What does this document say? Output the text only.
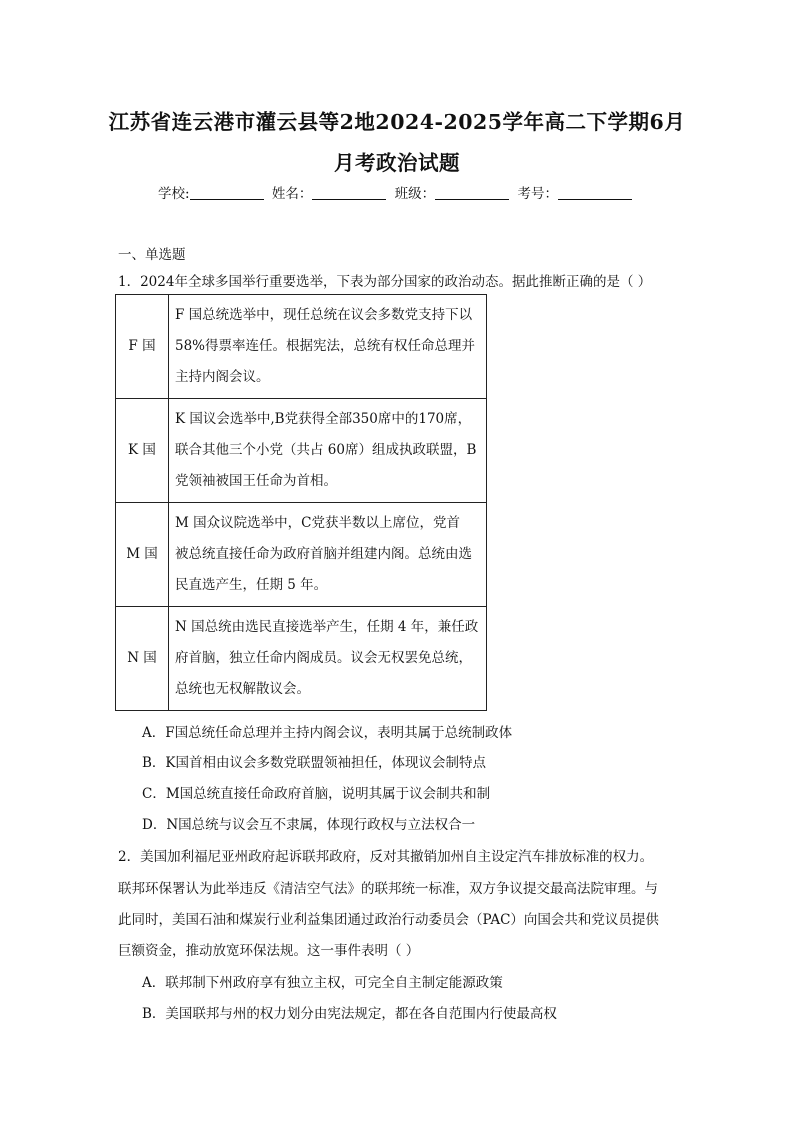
江苏省连云港市灌云县等2地2024-2025学年高二下学期6月
月考政治试题
学校:	姓名：	班级：	考号：
一、单选题
1．2024年全球多国举行重要选举，下表为部分国家的政治动态。据此推断正确的是（ ）
F 国	F 国总统选举中，现任总统在议会多数党支持下以
58%得票率连任。根据宪法，总统有权任命总理并
主持内阁会议。

K 国	K 国议会选举中,B党获得全部350席中的170席，
联合其他三个小党（共占 60席）组成执政联盟，B
党领袖被国王任命为首相。

M 国	M 国众议院选举中，C党获半数以上席位，党首
被总统直接任命为政府首脑并组建内阁。总统由选
民直选产生，任期 5 年。

N 国	N 国总统由选民直接选举产生，任期 4 年，兼任政
府首脑，独立任命内阁成员。议会无权罢免总统，
总统也无权解散议会。
A．F国总统任命总理并主持内阁会议，表明其属于总统制政体
B．K国首相由议会多数党联盟领袖担任，体现议会制特点
C．M国总统直接任命政府首脑，说明其属于议会制共和制
D．N国总统与议会互不隶属，体现行政权与立法权合一
2．美国加利福尼亚州政府起诉联邦政府，反对其撤销加州自主设定汽车排放标准的权力。
联邦环保署认为此举违反《清洁空气法》的联邦统一标准，双方争议提交最高法院审理。与
此同时，美国石油和煤炭行业利益集团通过政治行动委员会（PAC）向国会共和党议员提供
巨额资金，推动放宽环保法规。这一事件表明（ ）
A．联邦制下州政府享有独立主权，可完全自主制定能源政策
B．美国联邦与州的权力划分由宪法规定，都在各自范围内行使最高权
